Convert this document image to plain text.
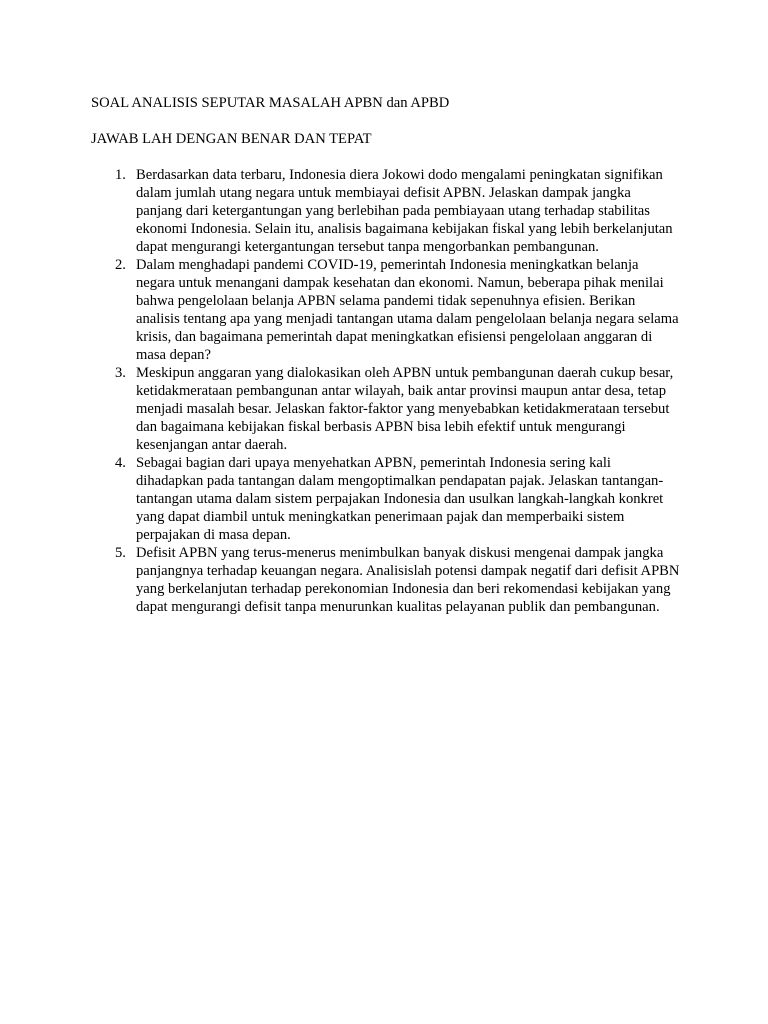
SOAL ANALISIS SEPUTAR MASALAH APBN dan APBD

JAWAB LAH DENGAN BENAR DAN TEPAT

1. Berdasarkan data terbaru, Indonesia diera Jokowi dodo mengalami peningkatan signifikan dalam jumlah utang negara untuk membiayai defisit APBN. Jelaskan dampak jangka panjang dari ketergantungan yang berlebihan pada pembiayaan utang terhadap stabilitas ekonomi Indonesia. Selain itu, analisis bagaimana kebijakan fiskal yang lebih berkelanjutan dapat mengurangi ketergantungan tersebut tanpa mengorbankan pembangunan.
2. Dalam menghadapi pandemi COVID-19, pemerintah Indonesia meningkatkan belanja negara untuk menangani dampak kesehatan dan ekonomi. Namun, beberapa pihak menilai bahwa pengelolaan belanja APBN selama pandemi tidak sepenuhnya efisien. Berikan analisis tentang apa yang menjadi tantangan utama dalam pengelolaan belanja negara selama krisis, dan bagaimana pemerintah dapat meningkatkan efisiensi pengelolaan anggaran di masa depan?
3. Meskipun anggaran yang dialokasikan oleh APBN untuk pembangunan daerah cukup besar, ketidakmerataan pembangunan antar wilayah, baik antar provinsi maupun antar desa, tetap menjadi masalah besar. Jelaskan faktor-faktor yang menyebabkan ketidakmerataan tersebut dan bagaimana kebijakan fiskal berbasis APBN bisa lebih efektif untuk mengurangi kesenjangan antar daerah.
4. Sebagai bagian dari upaya menyehatkan APBN, pemerintah Indonesia sering kali dihadapkan pada tantangan dalam mengoptimalkan pendapatan pajak. Jelaskan tantangan-tantangan utama dalam sistem perpajakan Indonesia dan usulkan langkah-langkah konkret yang dapat diambil untuk meningkatkan penerimaan pajak dan memperbaiki sistem perpajakan di masa depan.
5. Defisit APBN yang terus-menerus menimbulkan banyak diskusi mengenai dampak jangka panjangnya terhadap keuangan negara. Analisislah potensi dampak negatif dari defisit APBN yang berkelanjutan terhadap perekonomian Indonesia dan beri rekomendasi kebijakan yang dapat mengurangi defisit tanpa menurunkan kualitas pelayanan publik dan pembangunan.
